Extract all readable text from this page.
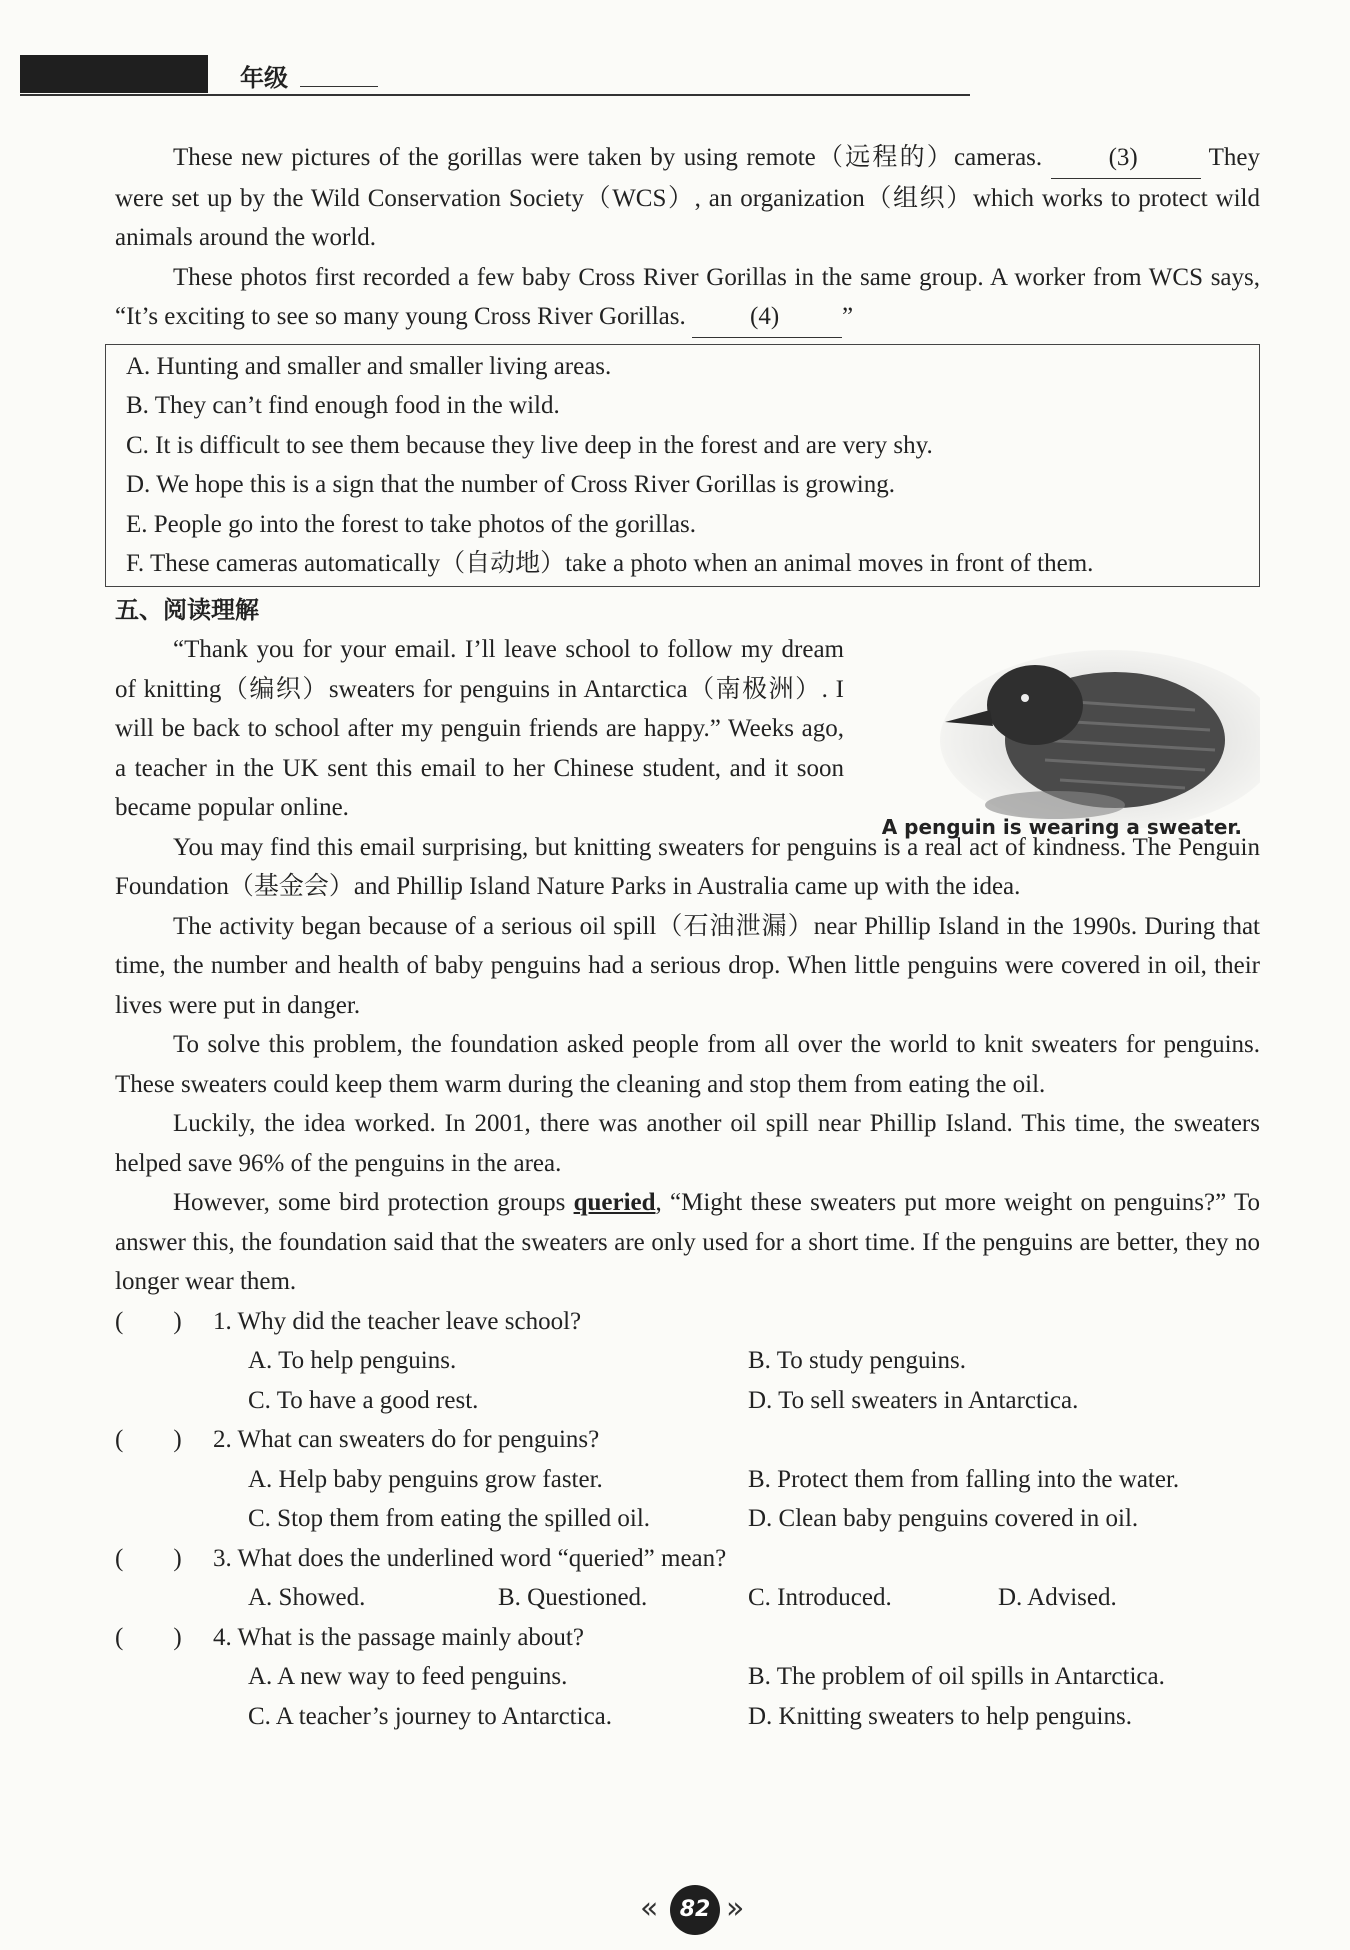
年级

These new pictures of the gorillas were taken by using remote（远程的）cameras.	(3)	They were set up by the Wild Conservation Society（WCS）, an organization（组织）which works to protect wild animals around the world.

These photos first recorded a few baby Cross River Gorillas in the same group. A worker from WCS says, “It’s exciting to see so many young Cross River Gorillas.	(4)	”

A. Hunting and smaller and smaller living areas.
B. They can’t find enough food in the wild.
C. It is difficult to see them because they live deep in the forest and are very shy.
D. We hope this is a sign that the number of Cross River Gorillas is growing.
E. People go into the forest to take photos of the gorillas.
F. These cameras automatically（自动地）take a photo when an animal moves in front of them.
五、阅读理解
A penguin is wearing a sweater.

“Thank you for your email. I’ll leave school to follow my dream of knitting（编织）sweaters for penguins in Antarctica（南极洲）. I will be back to school after my penguin friends are happy.” Weeks ago, a teacher in the UK sent this email to her Chinese student, and it soon became popular online.

You may find this email surprising, but knitting sweaters for penguins is a real act of kindness. The Penguin Foundation（基金会）and Phillip Island Nature Parks in Australia came up with the idea.

The activity began because of a serious oil spill（石油泄漏）near Phillip Island in the 1990s. During that time, the number and health of baby penguins had a serious drop. When little penguins were covered in oil, their lives were put in danger.

To solve this problem, the foundation asked people from all over the world to knit sweaters for penguins. These sweaters could keep them warm during the cleaning and stop them from eating the oil.

Luckily, the idea worked. In 2001, there was another oil spill near Phillip Island. This time, the sweaters helped save 96% of the penguins in the area.

However, some bird protection groups queried, “Might these sweaters put more weight on penguins?” To answer this, the foundation said that the sweaters are only used for a short time. If the penguins are better, they no longer wear them.

(　　)	1. Why did the teacher leave school?
A. To help penguins.	B. To study penguins.
C. To have a good rest.	D. To sell sweaters in Antarctica.
(　　)	2. What can sweaters do for penguins?
A. Help baby penguins grow faster.	B. Protect them from falling into the water.
C. Stop them from eating the spilled oil.	D. Clean baby penguins covered in oil.
(　　)	3. What does the underlined word “queried” mean?
A. Showed.	B. Questioned.	C. Introduced.	D. Advised.
(　　)	4. What is the passage mainly about?
A. A new way to feed penguins.	B. The problem of oil spills in Antarctica.
C. A teacher’s journey to Antarctica.	D. Knitting sweaters to help penguins.
« 82 »
